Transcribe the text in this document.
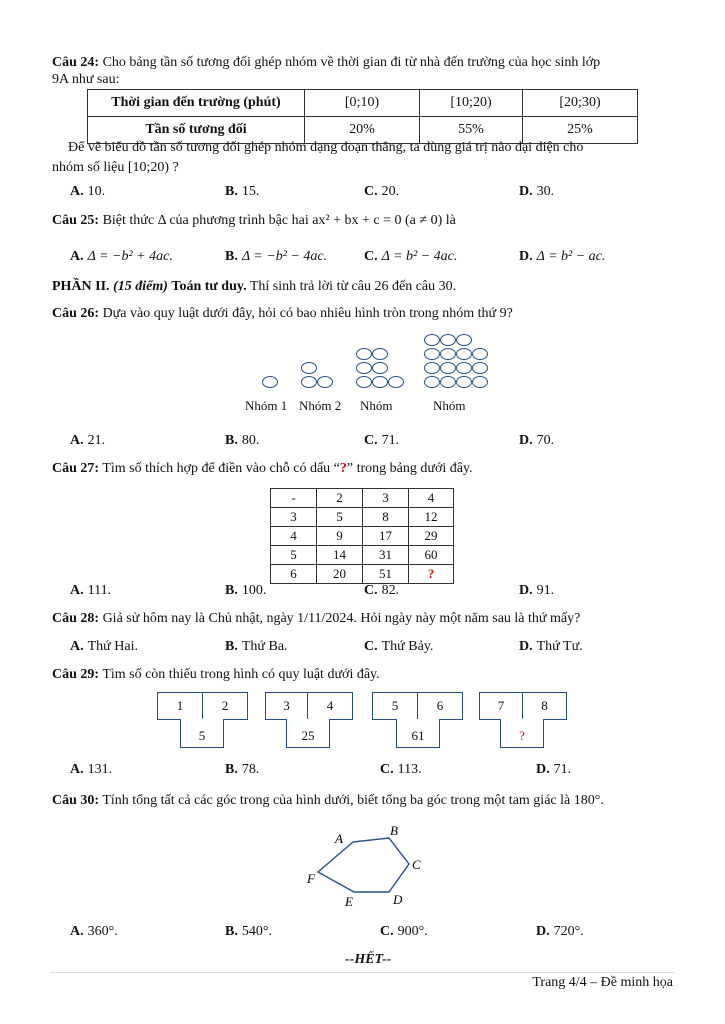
Câu 24: Cho bảng tần số tương đối ghép nhóm về thời gian đi từ nhà đến trường của học sinh lớp
9A như sau:
Thời gian đến trường (phút)	[0;10)	[10;20)	[20;30)
Tần số tương đối	20%	55%	25%
Để vẽ biểu đồ tần số tương đối ghép nhóm dạng đoạn thẳng, ta dùng giá trị nào đại diện cho
nhóm số liệu [10;20) ?
A. 10.	B. 15.	C. 20.	D. 30.
Câu 25: Biệt thức Δ của phương trình bậc hai ax² + bx + c = 0 (a ≠ 0) là
A. Δ = −b² + 4ac.	B. Δ = −b² − 4ac.	C. Δ = b² − 4ac.	D. Δ = b² − ac.
PHẦN II. (15 điểm) Toán tư duy. Thí sinh trả lời từ câu 26 đến câu 30.
Câu 26: Dựa vào quy luật dưới đây, hỏi có bao nhiêu hình tròn trong nhóm thứ 9?
Nhóm 1 Nhóm 2 Nhóm	Nhóm
A. 21.	B. 80.	C. 71.	D. 70.
Câu 27: Tìm số thích hợp để điền vào chỗ có dấu “?” trong bảng dưới đây.
-	2	3	4
3	5	8	12
4	9	17	29
5	14	31	60
6	20	51	?
A. 111.	B. 100.	C. 82.	D. 91.
Câu 28: Giả sử hôm nay là Chủ nhật, ngày 1/11/2024. Hỏi ngày này một năm sau là thứ mấy?
A. Thứ Hai.	B. Thứ Ba.	C. Thứ Bảy.	D. Thứ Tư.
Câu 29: Tìm số còn thiếu trong hình có quy luật dưới đây.
1	2
5
3	4
25
5	6
61
7	8
?
A. 131.	B. 78.	C. 113.	D. 71.
Câu 30: Tính tổng tất cả các góc trong của hình dưới, biết tổng ba góc trong một tam giác là 180°.
A
B
C
D
E
F
A. 360°.	B. 540°.	C. 900°.	D. 720°.
--HẾT--
Trang 4/4 – Đề minh họa
